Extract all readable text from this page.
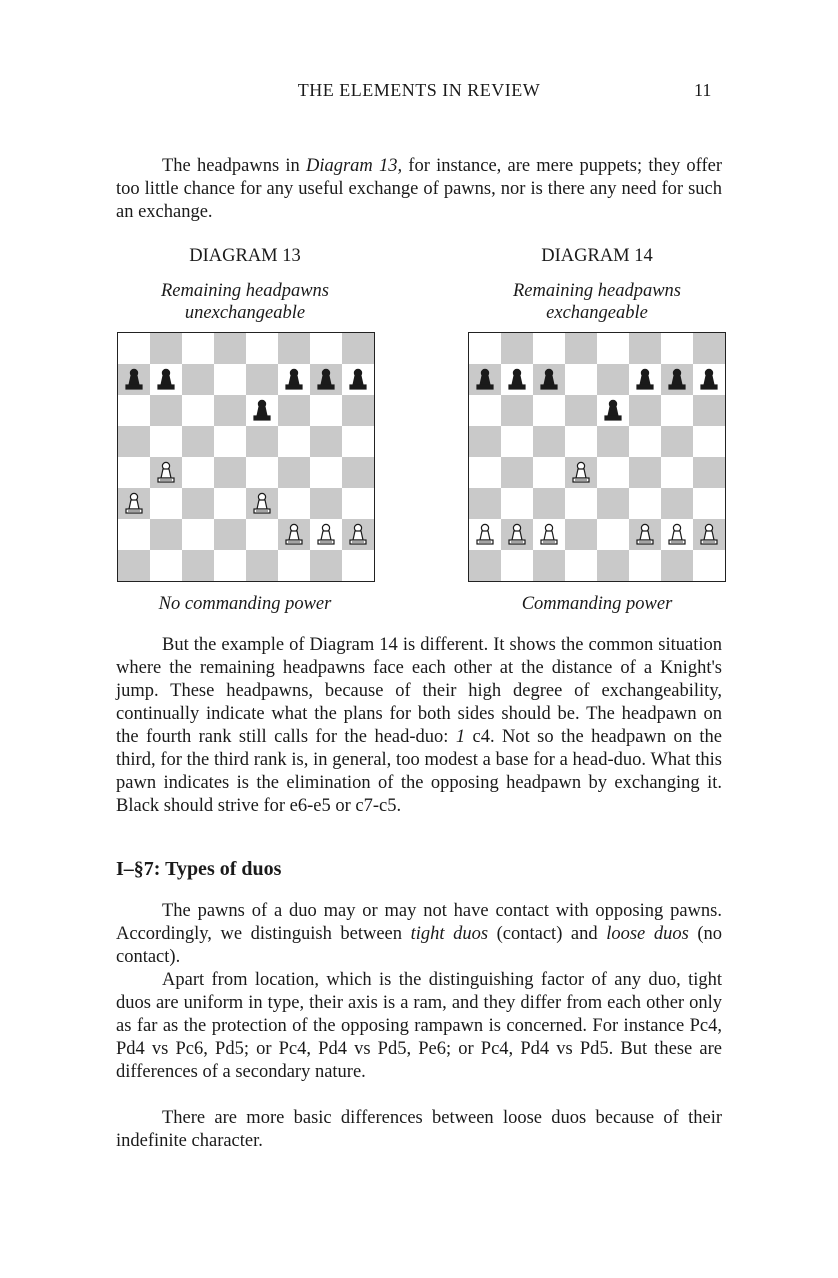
THE ELEMENTS IN REVIEW	11

The headpawns in Diagram 13, for instance, are mere puppets; they offer too little chance for any useful exchange of pawns, nor is there any need for such an exchange.

DIAGRAM 13
Remaining headpawns
unexchangeable
No commanding power
DIAGRAM 14
Remaining headpawns
exchangeable
Commanding power

But the example of Diagram 14 is different. It shows the common situation where the remaining headpawns face each other at the distance of a Knight's jump. These headpawns, because of their high degree of exchangeability, continually indicate what the plans for both sides should be. The headpawn on the fourth rank still calls for the head-duo: 1 c4. Not so the headpawn on the third, for the third rank is, in general, too modest a base for a head-duo. What this pawn indicates is the elimination of the opposing headpawn by exchanging it. Black should strive for e6-e5 or c7-c5.

I–§7: Types of duos

The pawns of a duo may or may not have contact with opposing pawns. Accordingly, we distinguish between tight duos (contact) and loose duos (no contact).

Apart from location, which is the distinguishing factor of any duo, tight duos are uniform in type, their axis is a ram, and they differ from each other only as far as the protection of the opposing rampawn is concerned. For instance Pc4, Pd4 vs Pc6, Pd5; or Pc4, Pd4 vs Pd5, Pe6; or Pc4, Pd4 vs Pd5. But these are differences of a secondary nature.

There are more basic differences between loose duos because of their indefinite character.
